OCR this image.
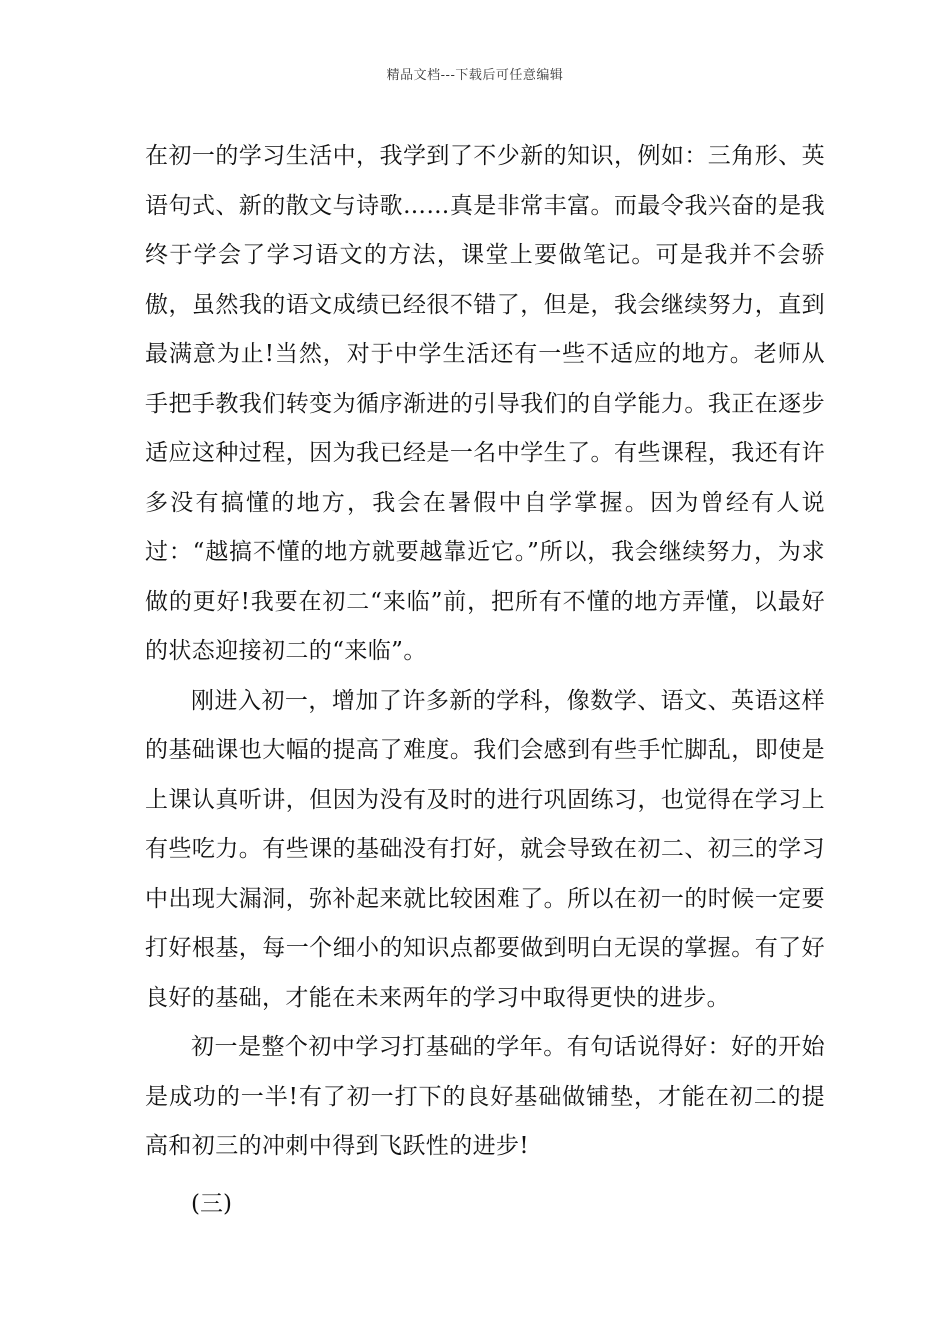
精品文档---下载后可任意编辑

在初一的学习生活中，我学到了不少新的知识，例如：三角形、英语句式、新的散文与诗歌……真是非常丰富。而最令我兴奋的是我终于学会了学习语文的方法，课堂上要做笔记。可是我并不会骄傲，虽然我的语文成绩已经很不错了，但是，我会继续努力，直到最满意为止!当然，对于中学生活还有一些不适应的地方。老师从手把手教我们转变为循序渐进的引导我们的自学能力。我正在逐步适应这种过程，因为我已经是一名中学生了。有些课程，我还有许多没有搞懂的地方，我会在暑假中自学掌握。因为曾经有人说过：“越搞不懂的地方就要越靠近它。”所以，我会继续努力，为求做的更好!我要在初二“来临”前，把所有不懂的地方弄懂，以最好的状态迎接初二的“来临”。

刚进入初一，增加了许多新的学科，像数学、语文、英语这样的基础课也大幅的提高了难度。我们会感到有些手忙脚乱，即使是上课认真听讲，但因为没有及时的进行巩固练习，也觉得在学习上有些吃力。有些课的基础没有打好，就会导致在初二、初三的学习中出现大漏洞，弥补起来就比较困难了。所以在初一的时候一定要打好根基，每一个细小的知识点都要做到明白无误的掌握。有了好良好的基础，才能在未来两年的学习中取得更快的进步。

初一是整个初中学习打基础的学年。有句话说得好：好的开始是成功的一半!有了初一打下的良好基础做铺垫，才能在初二的提高和初三的冲刺中得到飞跃性的进步!

(三)
